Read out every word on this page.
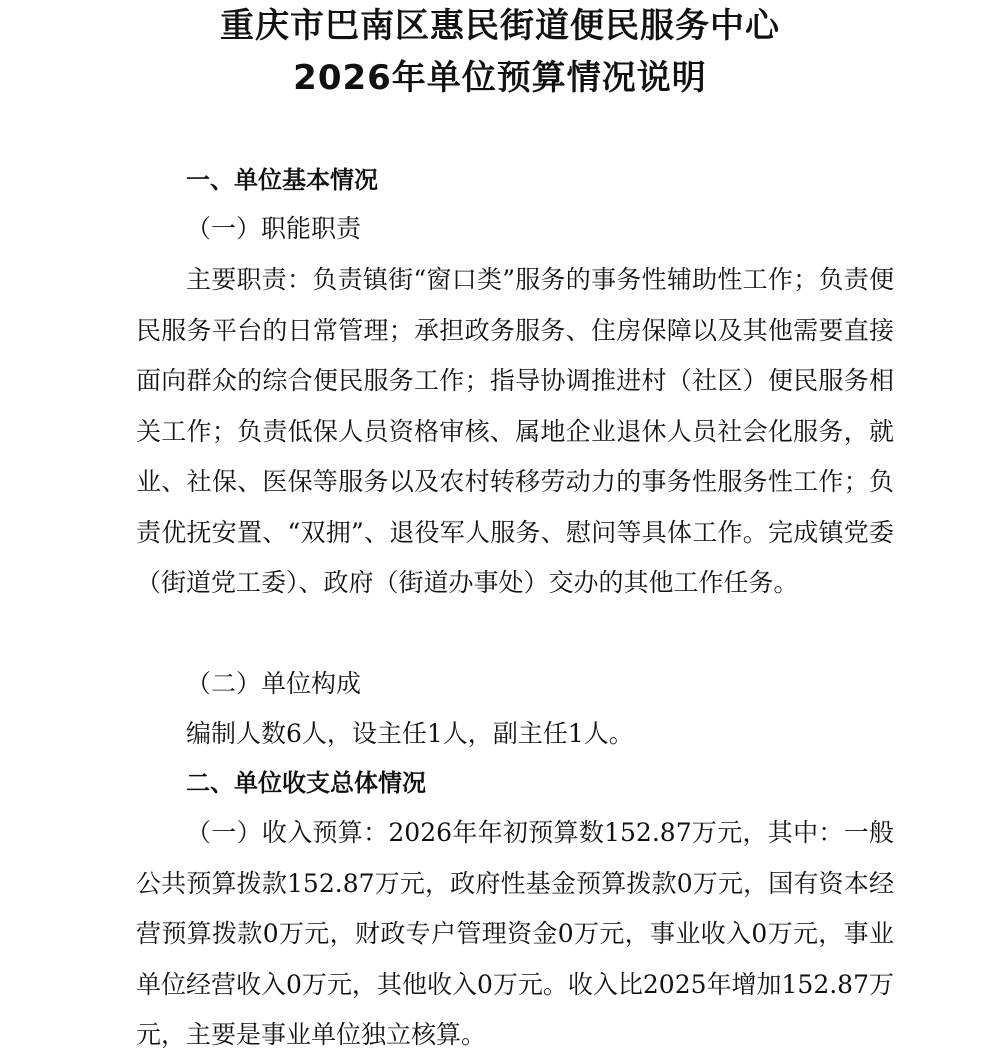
重庆市巴南区惠民街道便民服务中心
2026年单位预算情况说明
一、单位基本情况
（一）职能职责

主要职责：负责镇街“窗口类”服务的事务性辅助性工作；负责便民服务平台的日常管理；承担政务服务、住房保障以及其他需要直接面向群众的综合便民服务工作；指导协调推进村（社区）便民服务相关工作；负责低保人员资格审核、属地企业退休人员社会化服务，就业、社保、医保等服务以及农村转移劳动力的事务性服务性工作；负责优抚安置、“双拥”、退役军人服务、慰问等具体工作。完成镇党委（街道党工委）、政府（街道办事处）交办的其他工作任务。

（二）单位构成
编制人数6人，设主任1人，副主任1人。
二、单位收支总体情况

（一）收入预算：2026年年初预算数152.87万元，其中：一般公共预算拨款152.87万元，政府性基金预算拨款0万元，国有资本经营预算拨款0万元，财政专户管理资金0万元，事业收入0万元，事业单位经营收入0万元，其他收入0万元。收入比2025年增加152.87万元，主要是事业单位独立核算。
